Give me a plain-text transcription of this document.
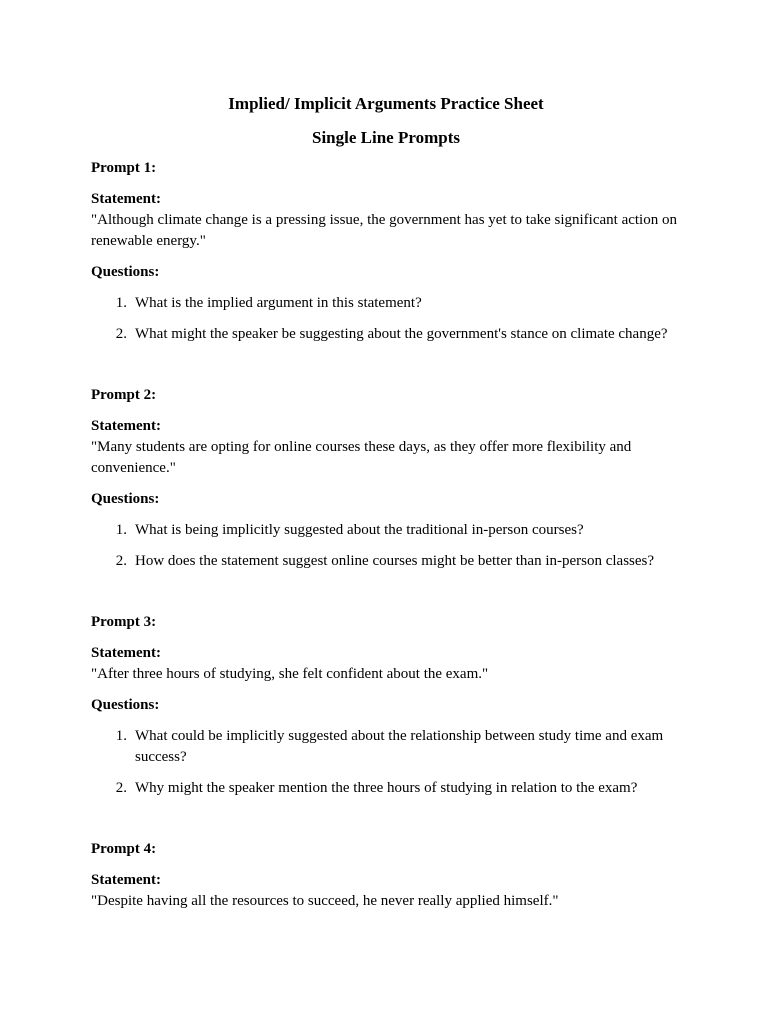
Implied/ Implicit Arguments Practice Sheet
Single Line Prompts

Prompt 1:

Statement:

"Although climate change is a pressing issue, the government has yet to take significant action on renewable energy."

Questions:

1. What is the implied argument in this statement?
2. What might the speaker be suggesting about the government's stance on climate change?

Prompt 2:

Statement:

"Many students are opting for online courses these days, as they offer more flexibility and convenience."

Questions:

1. What is being implicitly suggested about the traditional in-person courses?
2. How does the statement suggest online courses might be better than in-person classes?

Prompt 3:

Statement:

"After three hours of studying, she felt confident about the exam."

Questions:

1. What could be implicitly suggested about the relationship between study time and exam success?
2. Why might the speaker mention the three hours of studying in relation to the exam?

Prompt 4:

Statement:

"Despite having all the resources to succeed, he never really applied himself."
